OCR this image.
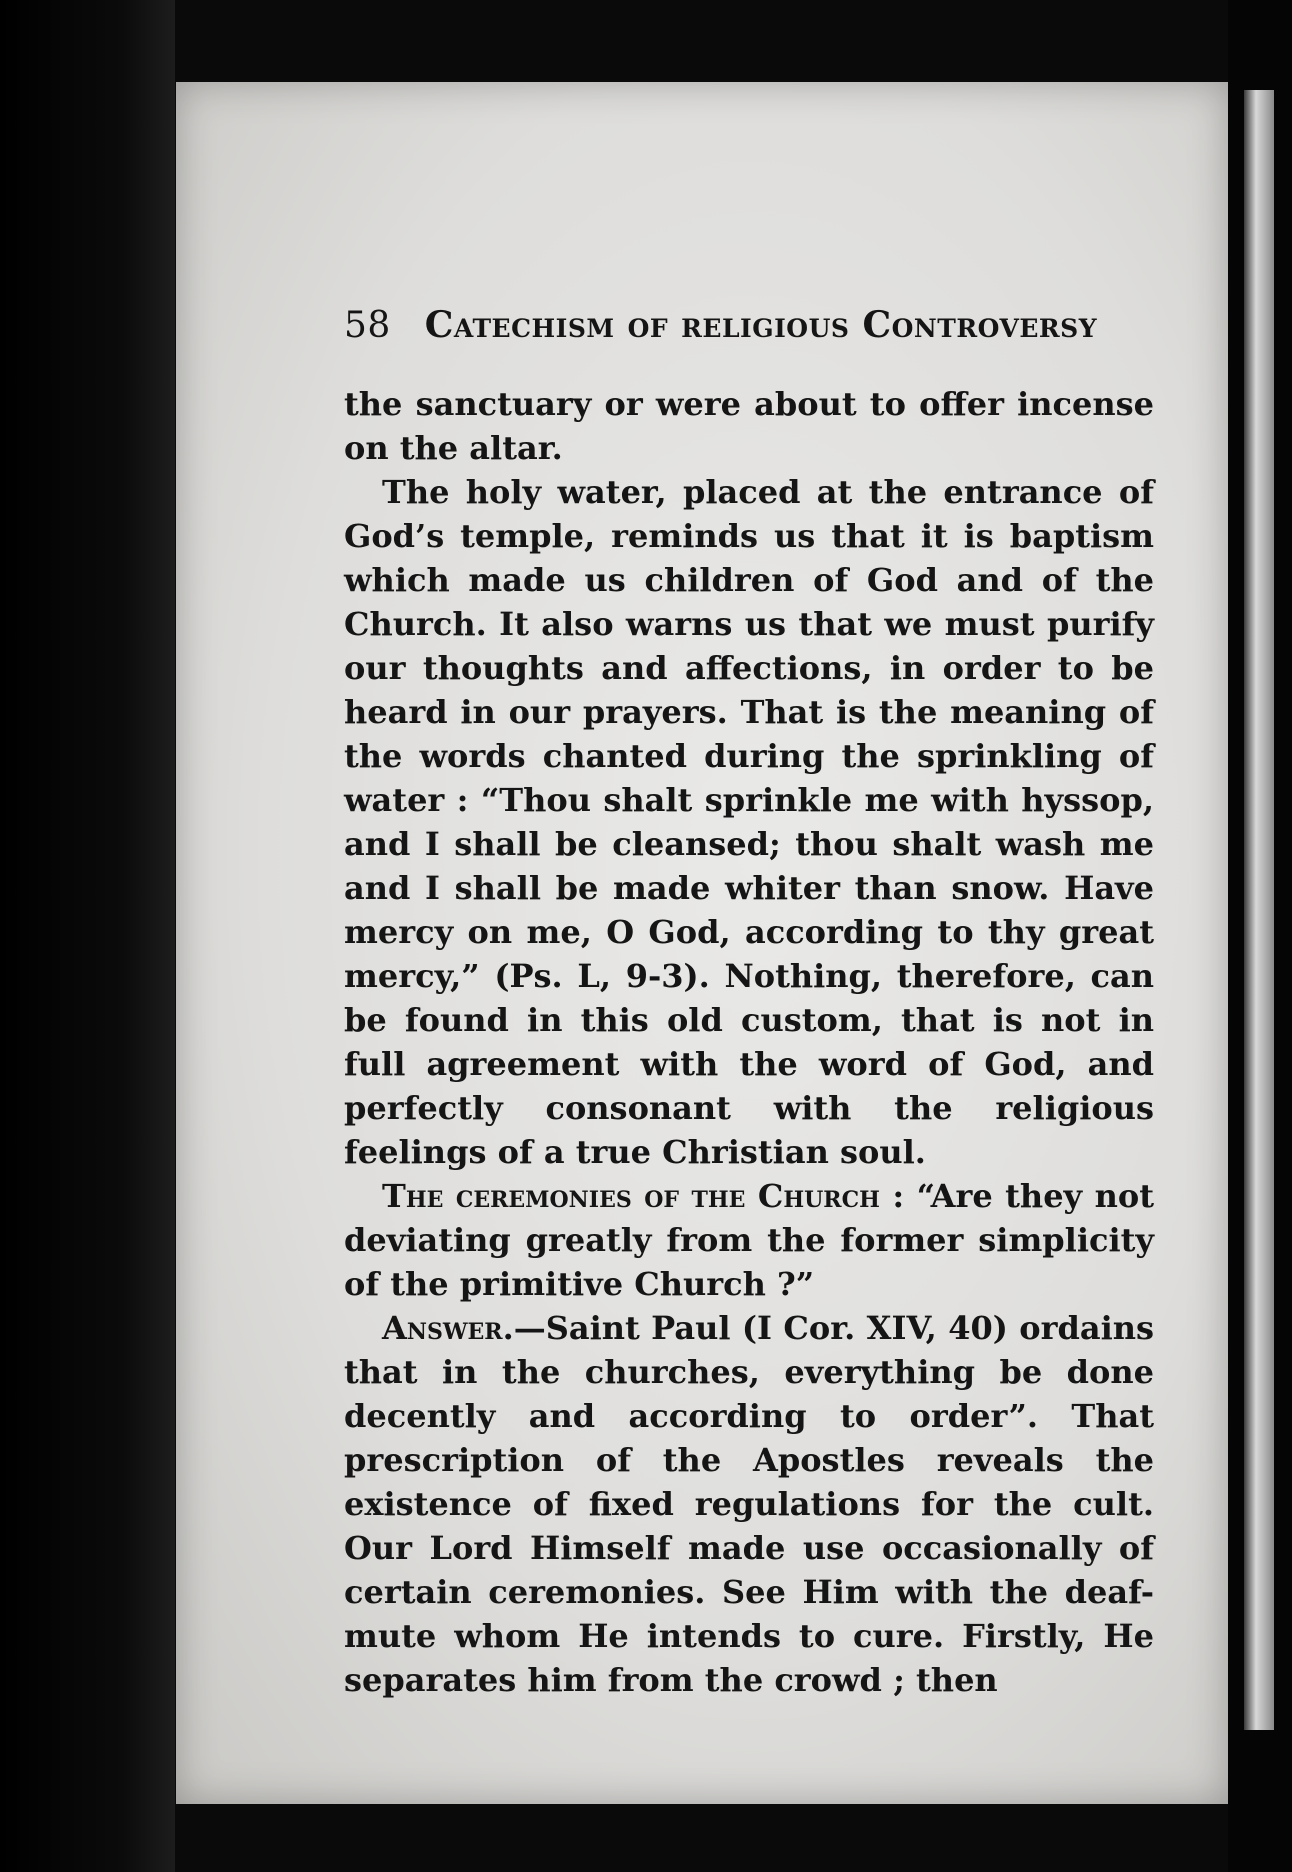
58 Catechism of religious Controversy

the sanctuary or were about to offer incense on the altar.

The holy water, placed at the entrance of God’s temple, reminds us that it is baptism which made us children of God and of the Church. It also warns us that we must purify our thoughts and affections, in order to be heard in our prayers. That is the meaning of the words chanted during the sprinkling of water : “Thou shalt sprinkle me with hyssop, and I shall be cleansed; thou shalt wash me and I shall be made whiter than snow. Have mercy on me, O God, according to thy great mercy,” (Ps. L, 9-3). Nothing, therefore, can be found in this old custom, that is not in full agreement with the word of God, and perfectly consonant with the religious feelings of a true Christian soul.

The ceremonies of the Church : “Are they not deviating greatly from the former simplicity of the primitive Church ?”

Answer.—Saint Paul (I Cor. XIV, 40) ordains that in the churches, everything be done decently and according to order”. That prescription of the Apostles reveals the existence of fixed regulations for the cult. Our Lord Himself made use occasionally of certain ceremonies. See Him with the deaf-mute whom He intends to cure. Firstly, He separates him from the crowd ; then
